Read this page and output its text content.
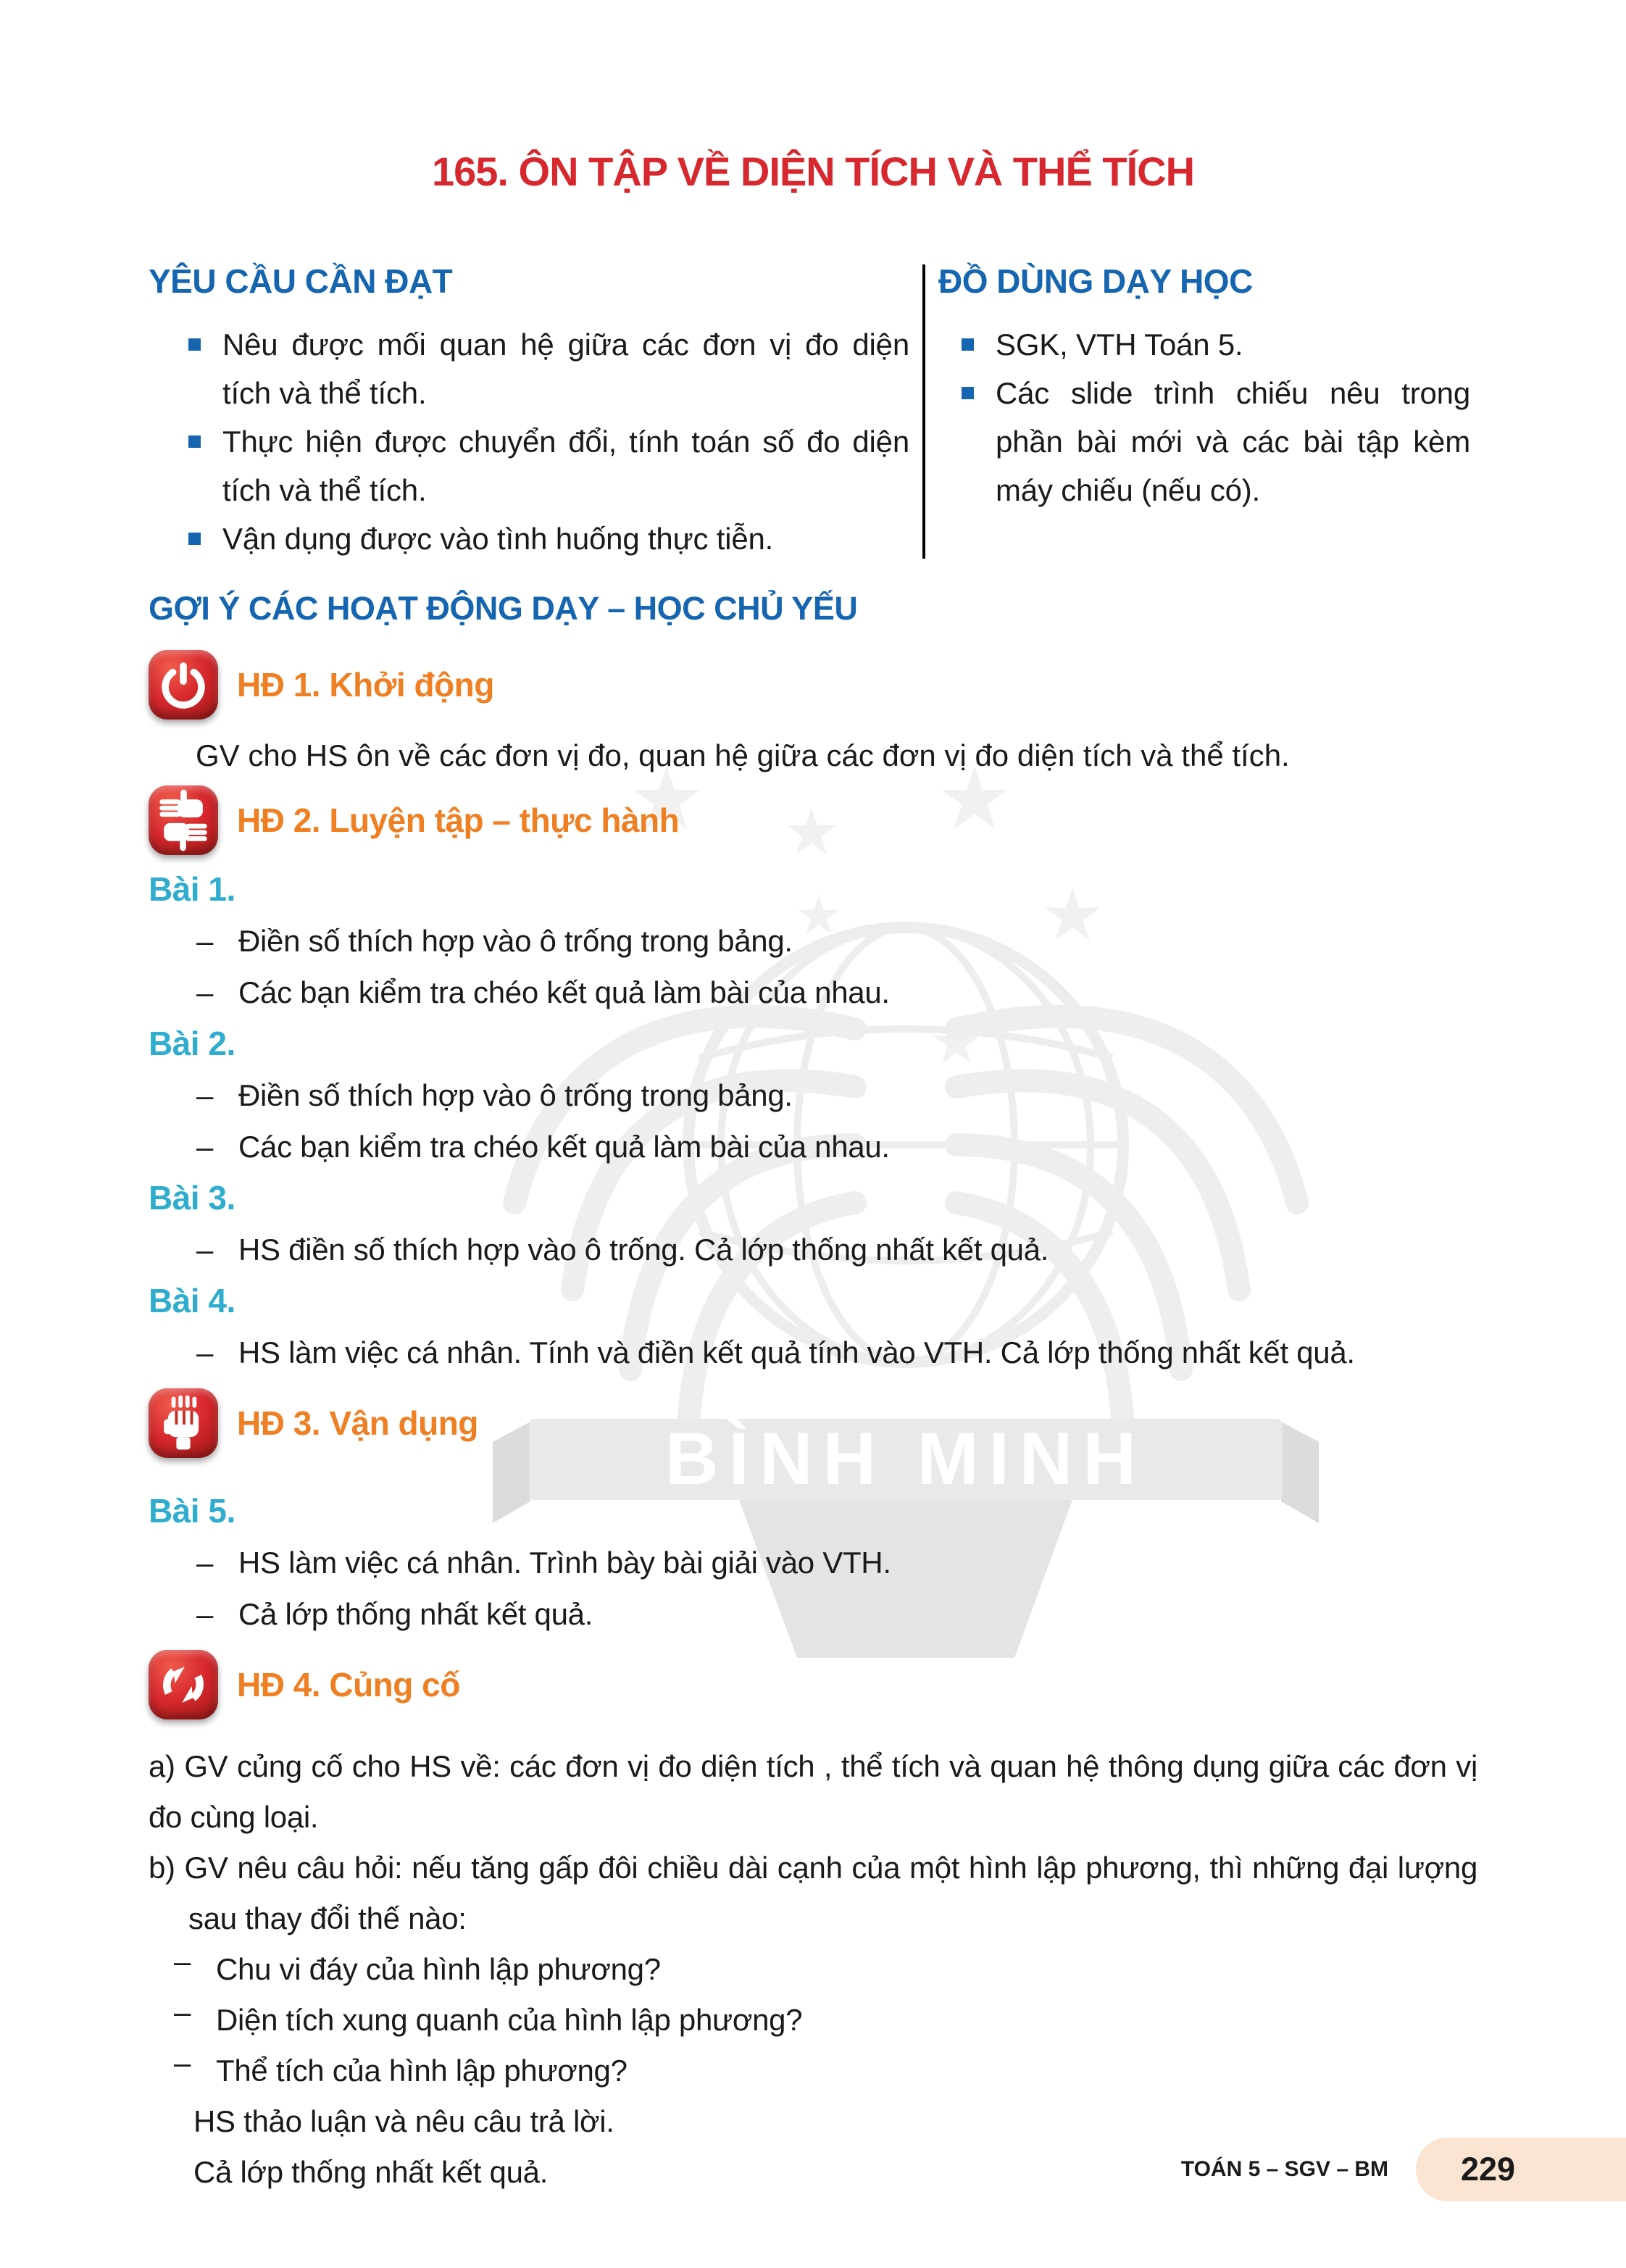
BÌNH MINH
165. ÔN TẬP VỀ DIỆN TÍCH VÀ THỂ TÍCH
YÊU CẦU CẦN ĐẠT

Nêu được mối quan hệ giữa các đơn vị đo diện tích và thể tích.

Thực hiện được chuyển đổi, tính toán số đo diện tích và thể tích.

Vận dụng được vào tình huống thực tiễn.

ĐỒ DÙNG DẠY HỌC

SGK, VTH Toán 5.

Các slide trình chiếu nêu trong phần bài mới và các bài tập kèm máy chiếu (nếu có).

GỢI Ý CÁC HOẠT ĐỘNG DẠY – HỌC CHỦ YẾU
HĐ 1. Khởi động

GV cho HS ôn về các đơn vị đo, quan hệ giữa các đơn vị đo diện tích và thể tích.

HĐ 2. Luyện tập – thực hành

Bài 1.

– Điền số thích hợp vào ô trống trong bảng.

– Các bạn kiểm tra chéo kết quả làm bài của nhau.

Bài 2.

– Điền số thích hợp vào ô trống trong bảng.

– Các bạn kiểm tra chéo kết quả làm bài của nhau.

Bài 3.

– HS điền số thích hợp vào ô trống. Cả lớp thống nhất kết quả.

Bài 4.

– HS làm việc cá nhân. Tính và điền kết quả tính vào VTH. Cả lớp thống nhất kết quả.

HĐ 3. Vận dụng

Bài 5.

– HS làm việc cá nhân. Trình bày bài giải vào VTH.

– Cả lớp thống nhất kết quả.

HĐ 4. Củng cố

a) GV củng cố cho HS về: các đơn vị đo diện tích , thể tích và quan hệ thông dụng giữa các đơn vị đo cùng loại.

b) GV nêu câu hỏi: nếu tăng gấp đôi chiều dài cạnh của một hình lập phương, thì những đại lượng sau thay đổi thế nào:

– Chu vi đáy của hình lập phương?

– Diện tích xung quanh của hình lập phương?

– Thể tích của hình lập phương?

HS thảo luận và nêu câu trả lời.

Cả lớp thống nhất kết quả.	TOÁN 5 – SGV – BM 229
